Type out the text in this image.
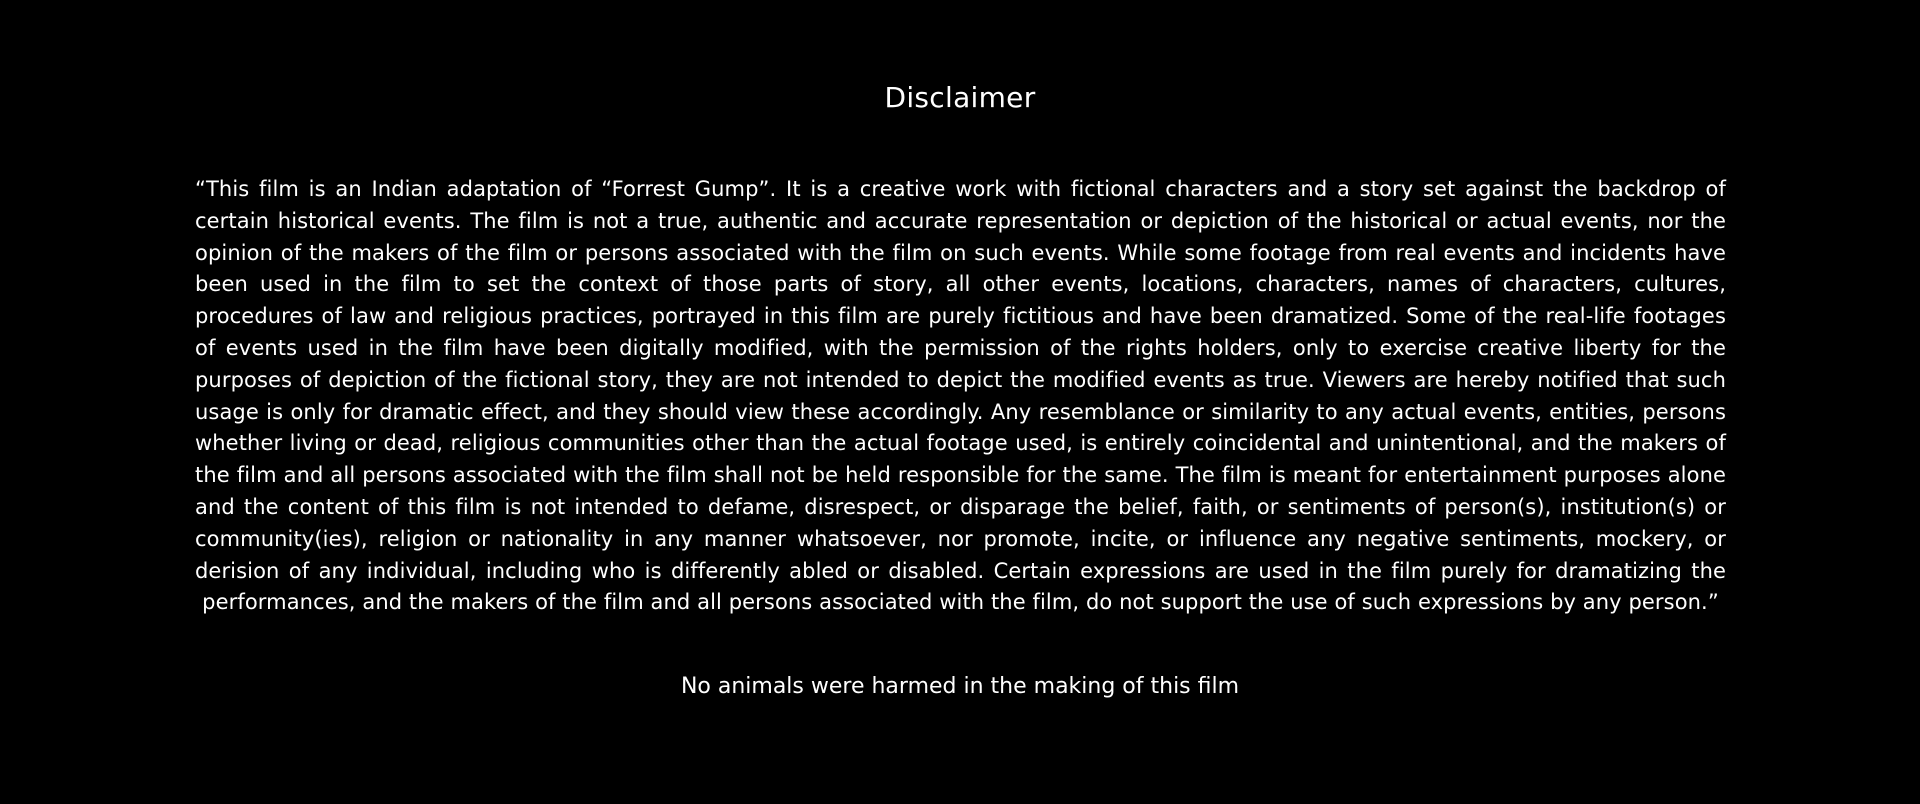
Disclaimer
“This film is an Indian adaptation of “Forrest Gump”. It is a creative work with fictional characters and a story set against the backdrop of certain historical events. The film is not a true, authentic and accurate representation or depiction of the historical or actual events, nor the opinion of the makers of the film or persons associated with the film on such events. While some footage from real events and incidents have been used in the film to set the context of those parts of story, all other events, locations, characters, names of characters, cultures, procedures of law and religious practices, portrayed in this film are purely fictitious and have been dramatized. Some of the real-life footages of events used in the film have been digitally modified, with the permission of the rights holders, only to exercise creative liberty for the purposes of depiction of the fictional story, they are not intended to depict the modified events as true. Viewers are hereby notified that such usage is only for dramatic effect, and they should view these accordingly. Any resemblance or similarity to any actual events, entities, persons whether living or dead, religious communities other than the actual footage used, is entirely coincidental and unintentional, and the makers of the film and all persons associated with the film shall not be held responsible for the same. The film is meant for entertainment purposes alone and the content of this film is not intended to defame, disrespect, or disparage the belief, faith, or sentiments of person(s), institution(s) or community(ies), religion or nationality in any manner whatsoever, nor promote, incite, or influence any negative sentiments, mockery, or derision of any individual, including who is differently abled or disabled. Certain expressions are used in the film purely for dramatizing the performances, and the makers of the film and all persons associated with the film, do not support the use of such expressions by any person.”
No animals were harmed in the making of this film
